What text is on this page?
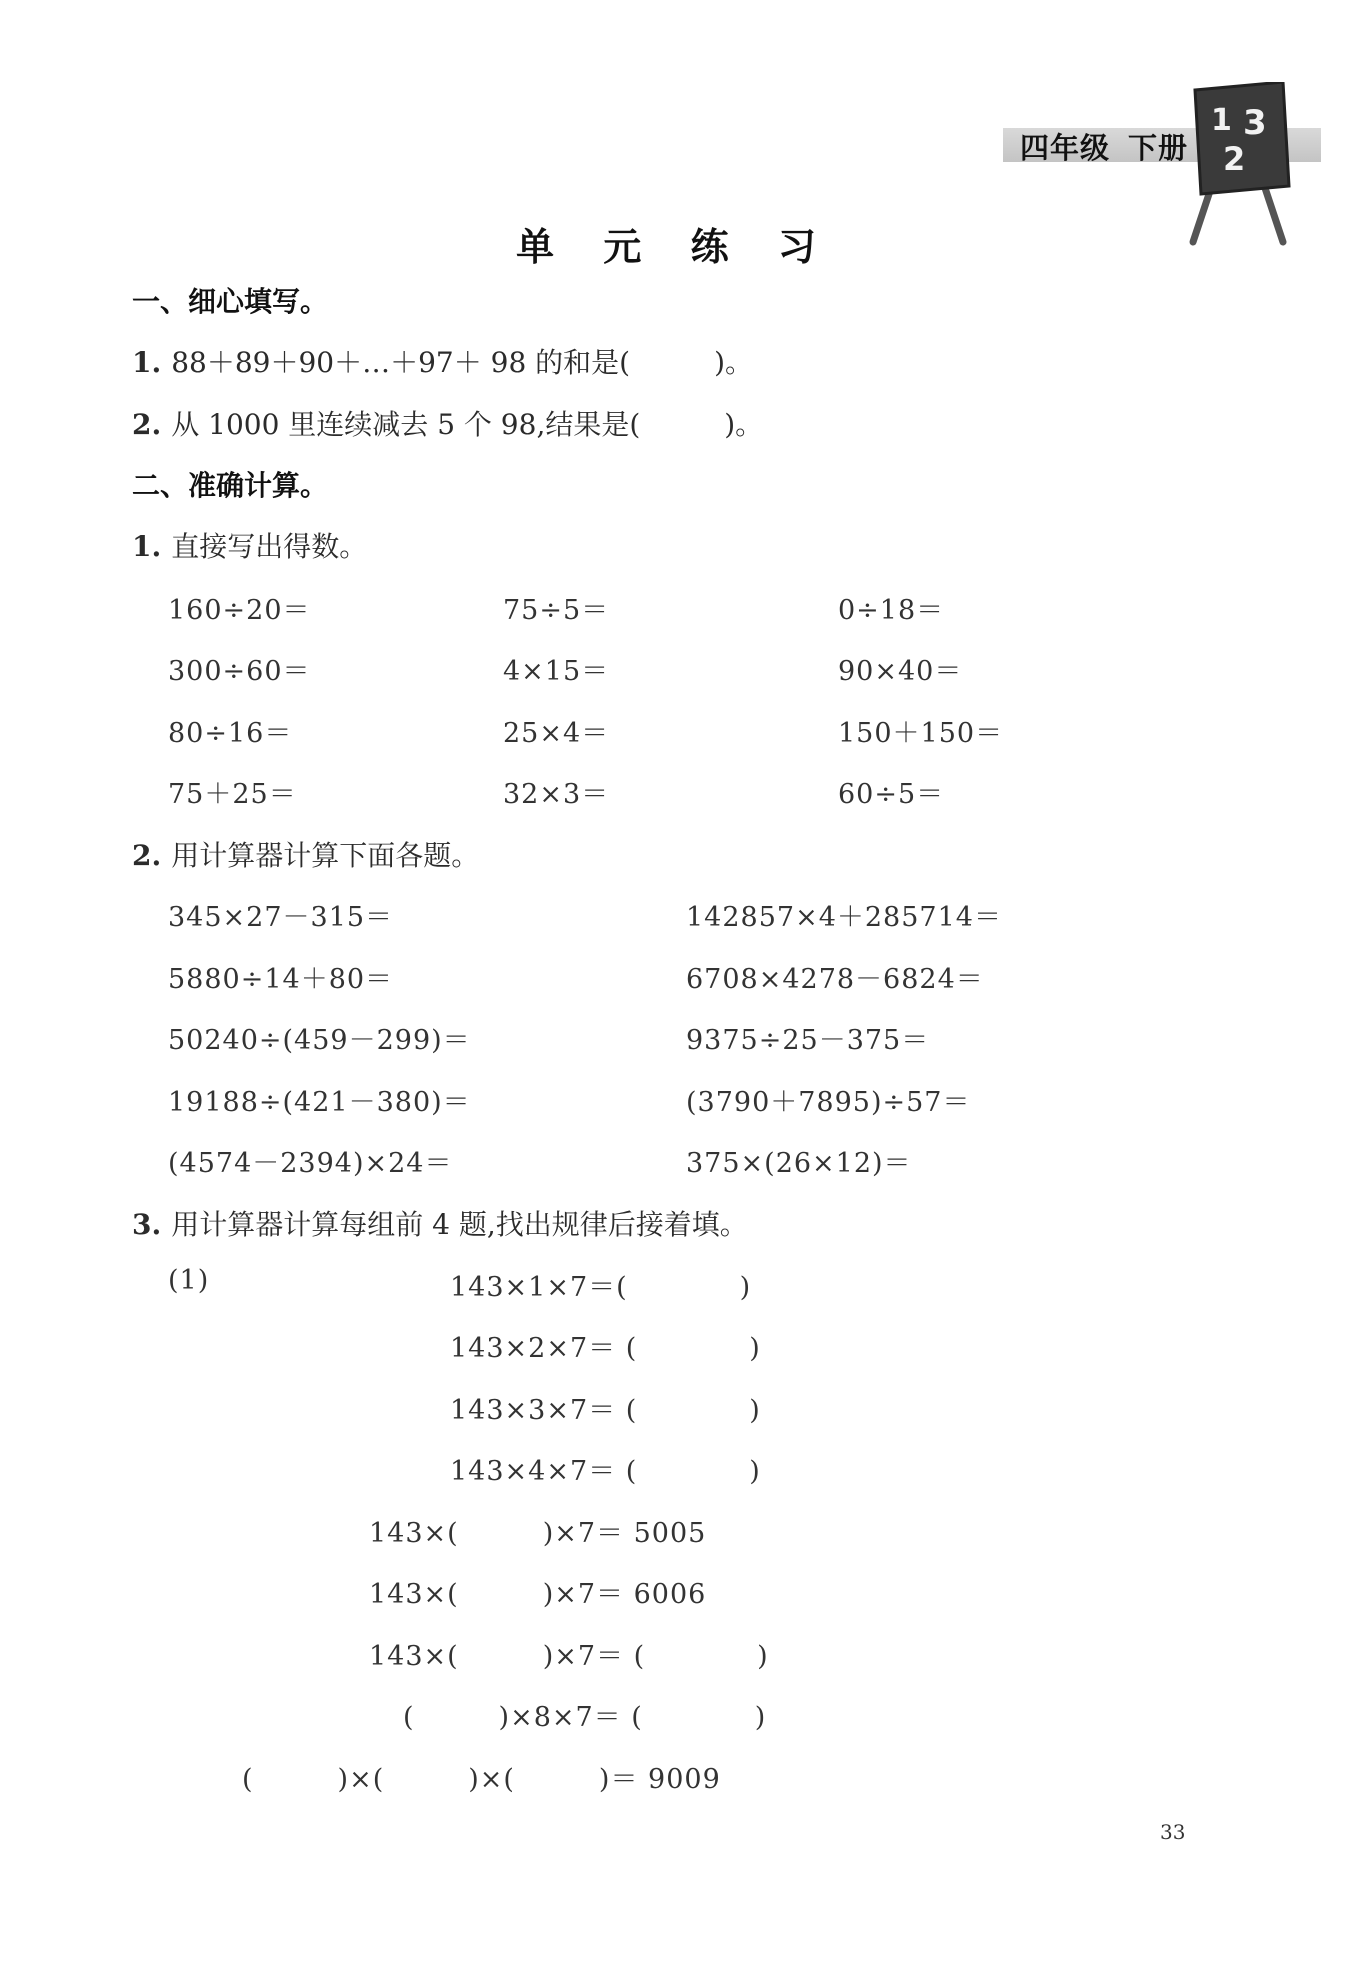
四年级 下册
1 3
2
单 元 练 习
一、细心填写。
1. 88＋89＋90＋…＋97＋ 98 的和是(　　　)。
2. 从 1000 里连续减去 5 个 98,结果是(　　　)。
二、准确计算。
1. 直接写出得数。
160÷20＝	75÷5＝	0÷18＝
300÷60＝	4×15＝	90×40＝
80÷16＝	25×4＝	150＋150＝
75＋25＝	32×3＝	60÷5＝
2. 用计算器计算下面各题。
345×27－315＝	142857×4＋285714＝
5880÷14＋80＝	6708×4278－6824＝
50240÷(459－299)＝	9375÷25－375＝
19188÷(421－380)＝	(3790＋7895)÷57＝
(4574－2394)×24＝	375×(26×12)＝
3. 用计算器计算每组前 4 题,找出规律后接着填。
(1)	143×1×7＝(　　　　)
143×2×7＝ (　　　　)
143×3×7＝ (　　　　)
143×4×7＝ (　　　　)
143×(　　　)×7＝ 5005
143×(　　　)×7＝ 6006
143×(　　　)×7＝ (　　　　)
(　　　)×8×7＝ (　　　　)
(　　　)×(　　　)×(　　　)＝ 9009
33
